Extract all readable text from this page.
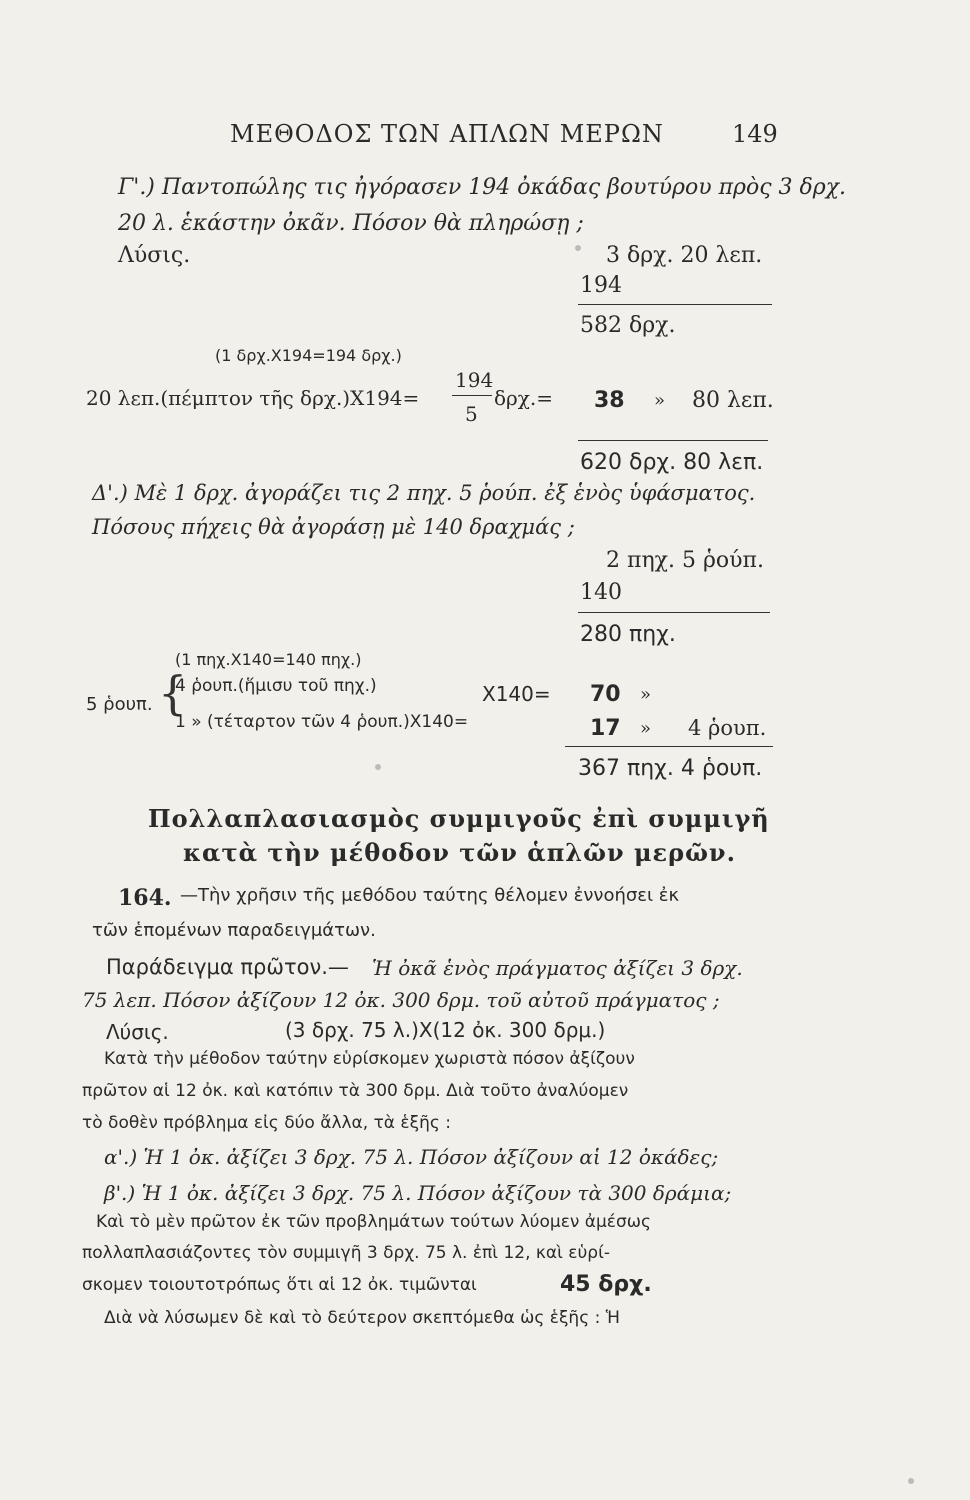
ΜΕΘΟΔΟΣ ΤΩΝ ΑΠΛΩΝ ΜΕΡΩΝ	149
Γ'.) Παντοπώλης τις ἠγόρασεν 194 ὀκάδας βουτύρου πρὸς 3 δρχ.
20 λ. ἑκάστην ὀκᾶν. Πόσον θὰ πληρώσῃ ;
Λύσις.	3 δρχ. 20 λεπ.
194
582 δρχ.
(1 δρχ.Χ194=194 δρχ.)
20 λεπ.(πέμπτον τῆς δρχ.)Χ194=
194
5
δρχ.= 38 » 80 λεπ.
620 δρχ. 80 λεπ.
Δ'.) Μὲ 1 δρχ. ἀγοράζει τις 2 πηχ. 5 ῥούπ. ἐξ ἑνὸς ὑφάσματος.
Πόσους πήχεις θὰ ἀγοράσῃ μὲ 140 δραχμάς ;
2 πηχ. 5 ῥούπ.
140
280 πηχ.
(1 πηχ.Χ140=140 πηχ.)
5 ῥουπ. {
4 ῥουπ.(ἥμισυ τοῦ πηχ.)	Χ140= 70 »
1 » (τέταρτον τῶν 4 ῥουπ.)Χ140=	17 » 4 ῥουπ.
367 πηχ. 4 ῥουπ.
Πολλαπλασιασμὸς συμμιγοῦς ἐπὶ συμμιγῆ
κατὰ τὴν μέθοδον τῶν ἁπλῶν μερῶν.
164. —Τὴν χρῆσιν τῆς μεθόδου ταύτης θέλομεν ἐννοήσει ἐκ
τῶν ἑπομένων παραδειγμάτων.
Παράδειγμα πρῶτον.— Ἡ ὀκᾶ ἑνὸς πράγματος ἀξίζει 3 δρχ.
75 λεπ. Πόσον ἀξίζουν 12 ὀκ. 300 δρμ. τοῦ αὐτοῦ πράγματος ;
Λύσις.	(3 δρχ. 75 λ.)Χ(12 ὀκ. 300 δρμ.)
Κατὰ τὴν μέθοδον ταύτην εὑρίσκομεν χωριστὰ πόσον ἀξίζουν
πρῶτον αἱ 12 ὀκ. καὶ κατόπιν τὰ 300 δρμ. Διὰ τοῦτο ἀναλύομεν
τὸ δοθὲν πρόβλημα εἰς δύο ἄλλα, τὰ ἑξῆς :
α'.) Ἡ 1 ὀκ. ἀξίζει 3 δρχ. 75 λ. Πόσον ἀξίζουν αἱ 12 ὀκάδες;
β'.) Ἡ 1 ὀκ. ἀξίζει 3 δρχ. 75 λ. Πόσον ἀξίζουν τὰ 300 δράμια;
Καὶ τὸ μὲν πρῶτον ἐκ τῶν προβλημάτων τούτων λύομεν ἀμέσως
πολλαπλασιάζοντες τὸν συμμιγῆ 3 δρχ. 75 λ. ἐπὶ 12, καὶ εὑρί-
σκομεν τοιουτοτρόπως ὅτι αἱ 12 ὀκ. τιμῶνται	45 δρχ.
Διὰ νὰ λύσωμεν δὲ καὶ τὸ δεύτερον σκεπτόμεθα ὡς ἑξῆς : Ἡ
